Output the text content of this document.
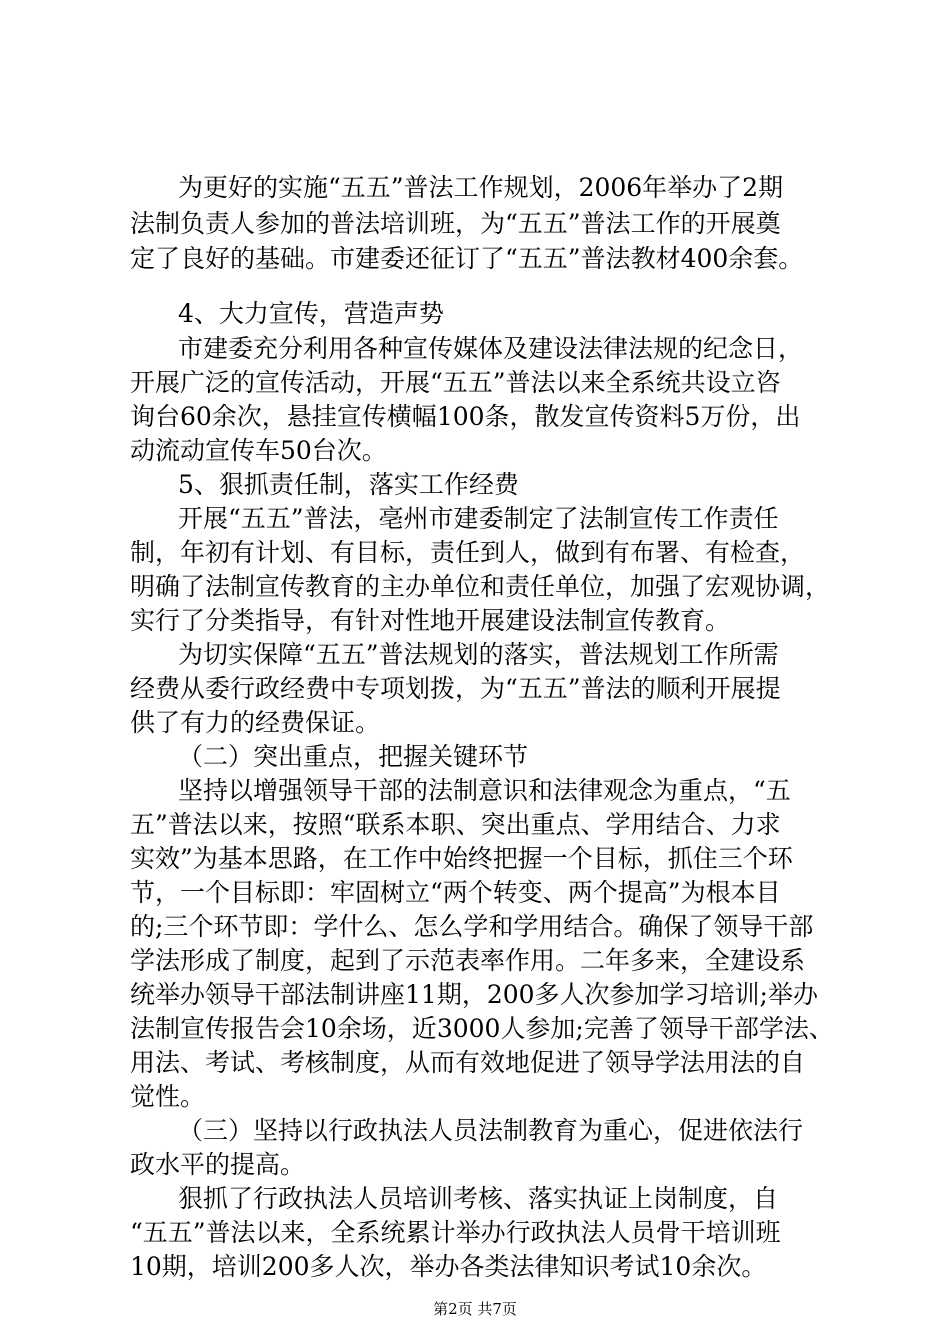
为更好的实施“五五”普法工作规划，2006年举办了2期

法制负责人参加的普法培训班，为“五五”普法工作的开展奠

定了良好的基础。市建委还征订了“五五”普法教材400余套。

4、大力宣传，营造声势

市建委充分利用各种宣传媒体及建设法律法规的纪念日，

开展广泛的宣传活动，开展“五五”普法以来全系统共设立咨

询台60余次，悬挂宣传横幅100条，散发宣传资料5万份，出

动流动宣传车50台次。

5、狠抓责任制，落实工作经费

开展“五五”普法，亳州市建委制定了法制宣传工作责任

制，年初有计划、有目标，责任到人，做到有布署、有检查，

明确了法制宣传教育的主办单位和责任单位，加强了宏观协调，

实行了分类指导，有针对性地开展建设法制宣传教育。

为切实保障“五五”普法规划的落实，普法规划工作所需

经费从委行政经费中专项划拨，为“五五”普法的顺利开展提

供了有力的经费保证。

（二）突出重点，把握关键环节

坚持以增强领导干部的法制意识和法律观念为重点，“五

五”普法以来，按照“联系本职、突出重点、学用结合、力求

实效”为基本思路，在工作中始终把握一个目标，抓住三个环

节，一个目标即：牢固树立“两个转变、两个提高”为根本目

的;三个环节即：学什么、怎么学和学用结合。确保了领导干部

学法形成了制度，起到了示范表率作用。二年多来，全建设系

统举办领导干部法制讲座11期，200多人次参加学习培训;举办

法制宣传报告会10余场，近3000人参加;完善了领导干部学法、

用法、考试、考核制度，从而有效地促进了领导学法用法的自

觉性。

（三）坚持以行政执法人员法制教育为重心，促进依法行

政水平的提高。

狠抓了行政执法人员培训考核、落实执证上岗制度，自

“五五”普法以来，全系统累计举办行政执法人员骨干培训班

10期，培训200多人次，举办各类法律知识考试10余次。

第2页 共7页
